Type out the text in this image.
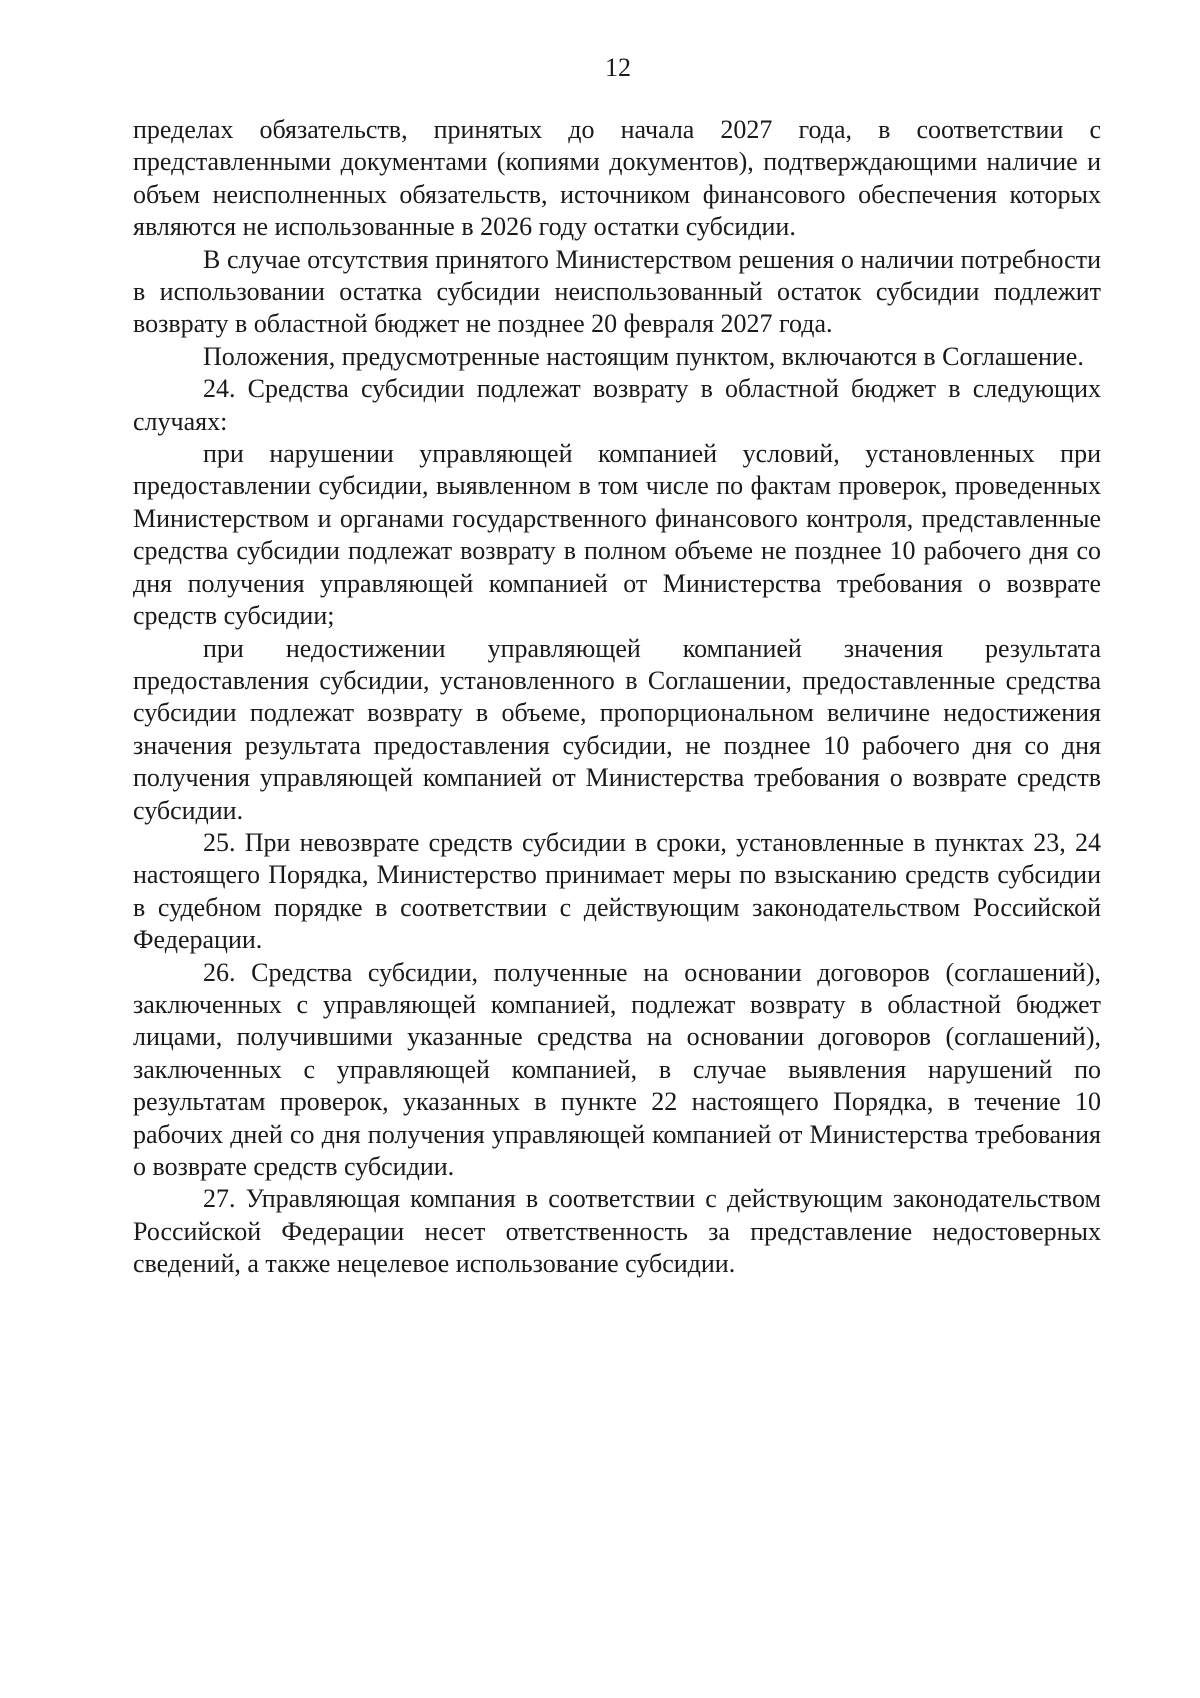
12

пределах обязательств, принятых до начала 2027 года, в соответствии с представленными документами (копиями документов), подтверждающими наличие и объем неисполненных обязательств, источником финансового обеспечения которых являются не использованные в 2026 году остатки субсидии.

В случае отсутствия принятого Министерством решения о наличии потребности в использовании остатка субсидии неиспользованный остаток субсидии подлежит возврату в областной бюджет не позднее 20 февраля 2027 года.

Положения, предусмотренные настоящим пунктом, включаются в Соглашение.

24. Средства субсидии подлежат возврату в областной бюджет в следующих случаях:

при нарушении управляющей компанией условий, установленных при предоставлении субсидии, выявленном в том числе по фактам проверок, проведенных Министерством и органами государственного финансового контроля, представленные средства субсидии подлежат возврату в полном объеме не позднее 10 рабочего дня со дня получения управляющей компанией от Министерства требования о возврате средств субсидии;

при недостижении управляющей компанией значения результата предоставления субсидии, установленного в Соглашении, предоставленные средства субсидии подлежат возврату в объеме, пропорциональном величине недостижения значения результата предоставления субсидии, не позднее 10 рабочего дня со дня получения управляющей компанией от Министерства требования о возврате средств субсидии.

25. При невозврате средств субсидии в сроки, установленные в пунктах 23, 24 настоящего Порядка, Министерство принимает меры по взысканию средств субсидии в судебном порядке в соответствии с действующим законодательством Российской Федерации.

26. Средства субсидии, полученные на основании договоров (соглашений), заключенных с управляющей компанией, подлежат возврату в областной бюджет лицами, получившими указанные средства на основании договоров (соглашений), заключенных с управляющей компанией, в случае выявления нарушений по результатам проверок, указанных в пункте 22 настоящего Порядка, в течение 10 рабочих дней со дня получения управляющей компанией от Министерства требования о возврате средств субсидии.

27. Управляющая компания в соответствии с действующим законодательством Российской Федерации несет ответственность за представление недостоверных сведений, а также нецелевое использование субсидии.
